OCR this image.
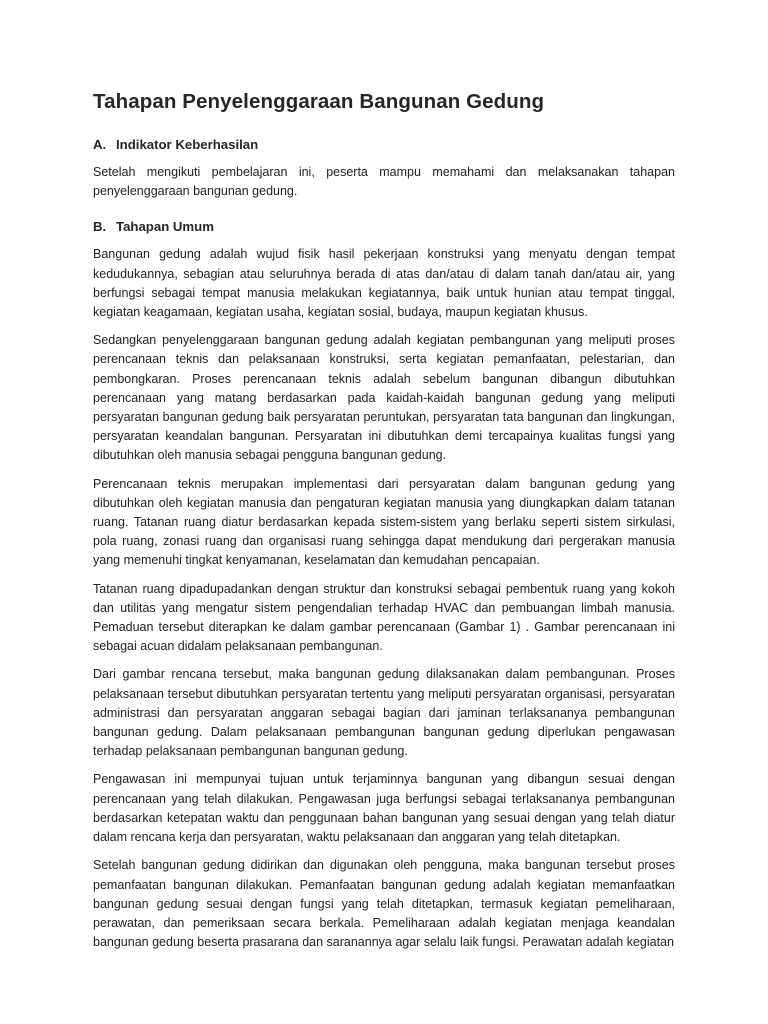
Tahapan Penyelenggaraan Bangunan Gedung
A. Indikator Keberhasilan

Setelah mengikuti pembelajaran ini, peserta mampu memahami dan melaksanakan tahapan penyelenggaraan bangunan gedung.

B. Tahapan Umum

Bangunan gedung adalah wujud fisik hasil pekerjaan konstruksi yang menyatu dengan tempat kedudukannya, sebagian atau seluruhnya berada di atas dan/atau di dalam tanah dan/atau air, yang berfungsi sebagai tempat manusia melakukan kegiatannya, baik untuk hunian atau tempat tinggal, kegiatan keagamaan, kegiatan usaha, kegiatan sosial, budaya, maupun kegiatan khusus.

Sedangkan penyelenggaraan bangunan gedung adalah kegiatan pembangunan yang meliputi proses perencanaan teknis dan pelaksanaan konstruksi, serta kegiatan pemanfaatan, pelestarian, dan pembongkaran. Proses perencanaan teknis adalah sebelum bangunan dibangun dibutuhkan perencanaan yang matang berdasarkan pada kaidah-kaidah bangunan gedung yang meliputi persyaratan bangunan gedung baik persyaratan peruntukan, persyaratan tata bangunan dan lingkungan, persyaratan keandalan bangunan. Persyaratan ini dibutuhkan demi tercapainya kualitas fungsi yang dibutuhkan oleh manusia sebagai pengguna bangunan gedung.

Perencanaan teknis merupakan implementasi dari persyaratan dalam bangunan gedung yang dibutuhkan oleh kegiatan manusia dan pengaturan kegiatan manusia yang diungkapkan dalam tatanan ruang. Tatanan ruang diatur berdasarkan kepada sistem-sistem yang berlaku seperti sistem sirkulasi, pola ruang, zonasi ruang dan organisasi ruang sehingga dapat mendukung dari pergerakan manusia yang memenuhi tingkat kenyamanan, keselamatan dan kemudahan pencapaian.

Tatanan ruang dipadupadankan dengan struktur dan konstruksi sebagai pembentuk ruang yang kokoh dan utilitas yang mengatur sistem pengendalian terhadap HVAC dan pembuangan limbah manusia. Pemaduan tersebut diterapkan ke dalam gambar perencanaan (Gambar 1) . Gambar perencanaan ini sebagai acuan didalam pelaksanaan pembangunan.

Dari gambar rencana tersebut, maka bangunan gedung dilaksanakan dalam pembangunan. Proses pelaksanaan tersebut dibutuhkan persyaratan tertentu yang meliputi persyaratan organisasi, persyaratan administrasi dan persyaratan anggaran sebagai bagian dari jaminan terlaksananya pembangunan bangunan gedung. Dalam pelaksanaan pembangunan bangunan gedung diperlukan pengawasan terhadap pelaksanaan pembangunan bangunan gedung.

Pengawasan ini mempunyai tujuan untuk terjaminnya bangunan yang dibangun sesuai dengan perencanaan yang telah dilakukan. Pengawasan juga berfungsi sebagai terlaksananya pembangunan berdasarkan ketepatan waktu dan penggunaan bahan bangunan yang sesuai dengan yang telah diatur dalam rencana kerja dan persyaratan, waktu pelaksanaan dan anggaran yang telah ditetapkan.

Setelah bangunan gedung didirikan dan digunakan oleh pengguna, maka bangunan tersebut proses pemanfaatan bangunan dilakukan. Pemanfaatan bangunan gedung adalah kegiatan memanfaatkan bangunan gedung sesuai dengan fungsi yang telah ditetapkan, termasuk kegiatan pemeliharaan, perawatan, dan pemeriksaan secara berkala. Pemeliharaan adalah kegiatan menjaga keandalan bangunan gedung beserta prasarana dan saranannya agar selalu laik fungsi. Perawatan adalah kegiatan
